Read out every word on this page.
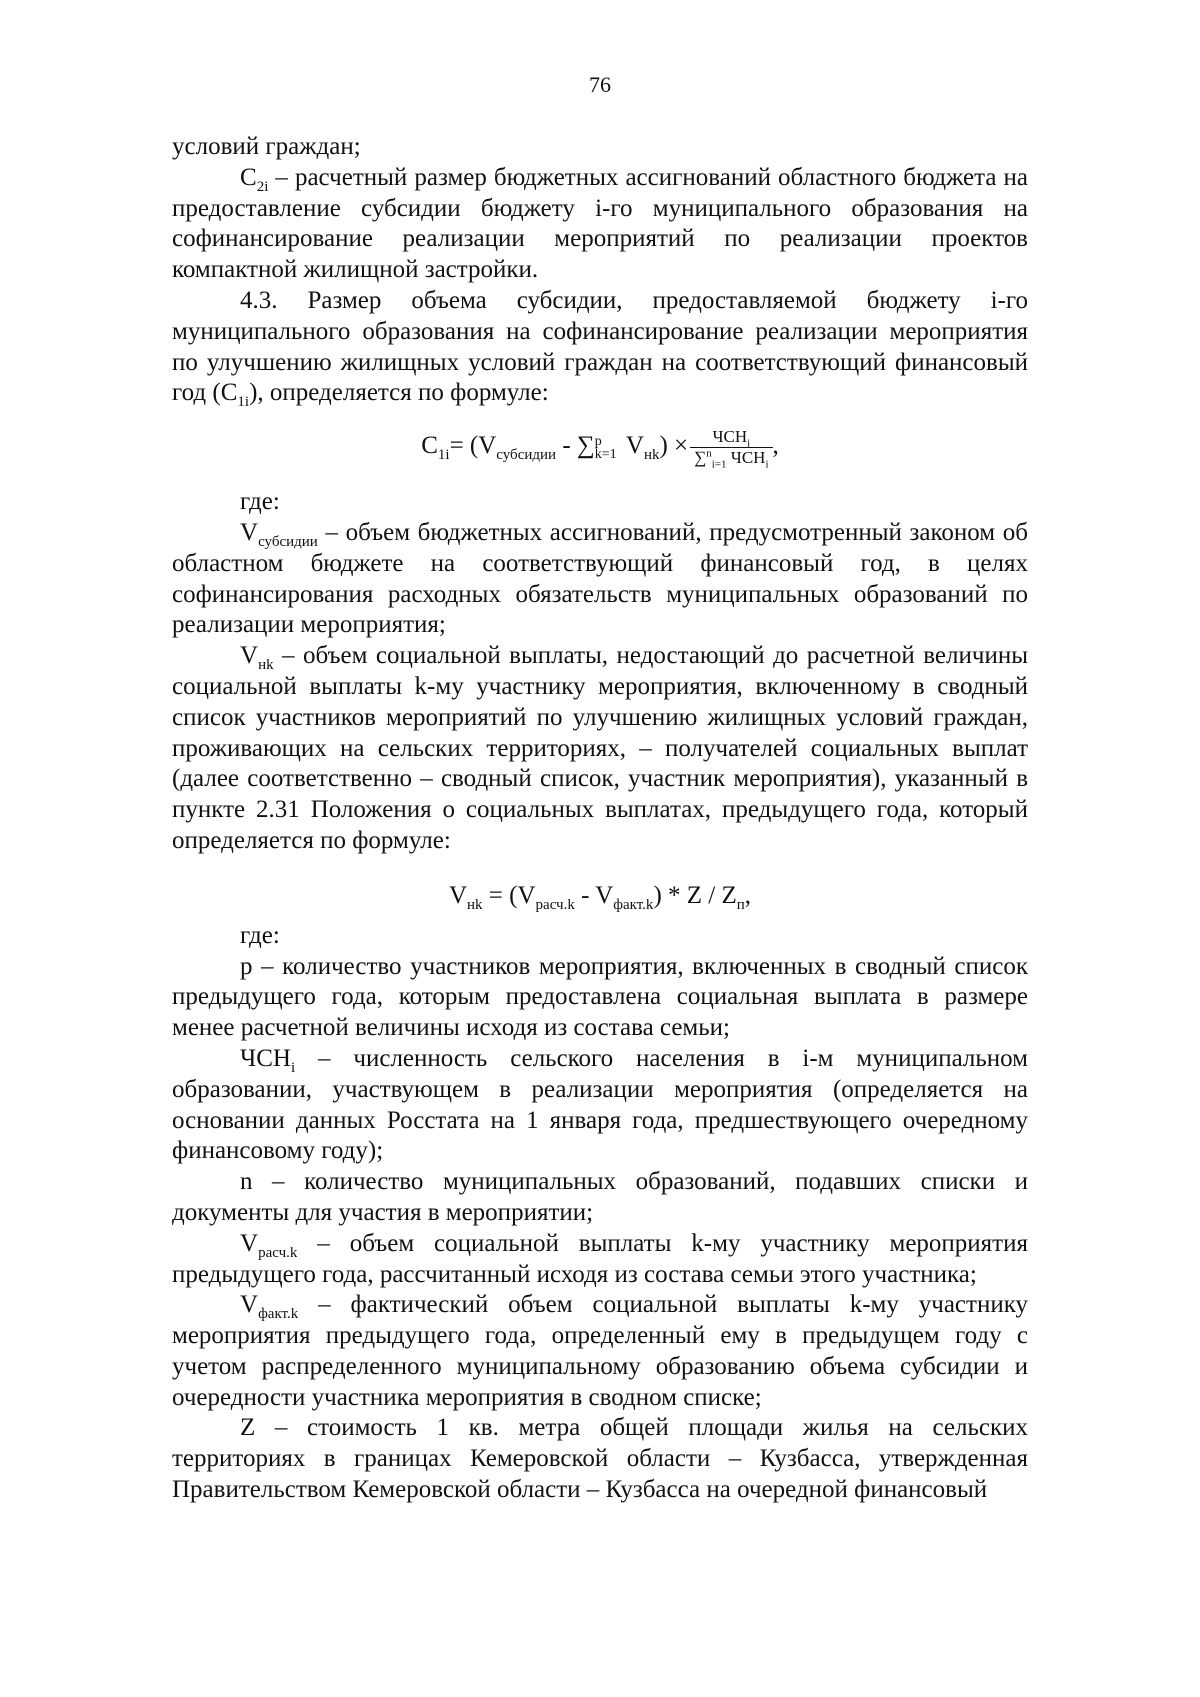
76

условий граждан;

$C_{2i}$ – расчетный размер бюджетных ассигнований областного бюджета на предоставление субсидии бюджету i-го муниципального образования на софинансирование реализации мероприятий по реализации проектов компактной жилищной застройки.

4.3. Размер объема субсидии, предоставляемой бюджету i-го муниципального образования на софинансирование реализации мероприятия по улучшению жилищных условий граждан на соответствующий финансовый год $(C_{1i})$, определяется по формуле:

$C_{1i}= (V_{субсидии}$ - ∑ p
k=1 $V_{нk}) \times \frac{ЧСН_i}{\sum^n_{i=1} ЧСН_i}$ ,

где:

$V_{субсидии}$ – объем бюджетных ассигнований, предусмотренный законом об областном бюджете на соответствующий финансовый год, в целях софинансирования расходных обязательств муниципальных образований по реализации мероприятия;

$V_{нk}$ – объем социальной выплаты, недостающий до расчетной величины социальной выплаты k-му участнику мероприятия, включенному в сводный список участников мероприятий по улучшению жилищных условий граждан, проживающих на сельских территориях, – получателей социальных выплат (далее соответственно – сводный список, участник мероприятия), указанный в пункте 2.31 Положения о социальных выплатах, предыдущего года, который определяется по формуле:

$V_{нk} = (V_{расч.k} - V_{факт.k}) * Z / Z_п$,

где:

p – количество участников мероприятия, включенных в сводный список предыдущего года, которым предоставлена социальная выплата в размере менее расчетной величины исходя из состава семьи;

$ЧСН_i$ – численность сельского населения в i-м муниципальном образовании, участвующем в реализации мероприятия (определяется на основании данных Росстата на 1 января года, предшествующего очередному финансовому году);

n – количество муниципальных образований, подавших списки и документы для участия в мероприятии;

$V_{расч.k}$ – объем социальной выплаты k-му участнику мероприятия предыдущего года, рассчитанный исходя из состава семьи этого участника;

$V_{факт.k}$ – фактический объем социальной выплаты k-му участнику мероприятия предыдущего года, определенный ему в предыдущем году с учетом распределенного муниципальному образованию объема субсидии и очередности участника мероприятия в сводном списке;

Z – стоимость 1 кв. метра общей площади жилья на сельских территориях в границах Кемеровской области – Кузбасса, утвержденная Правительством Кемеровской области – Кузбасса на очередной финансовый
